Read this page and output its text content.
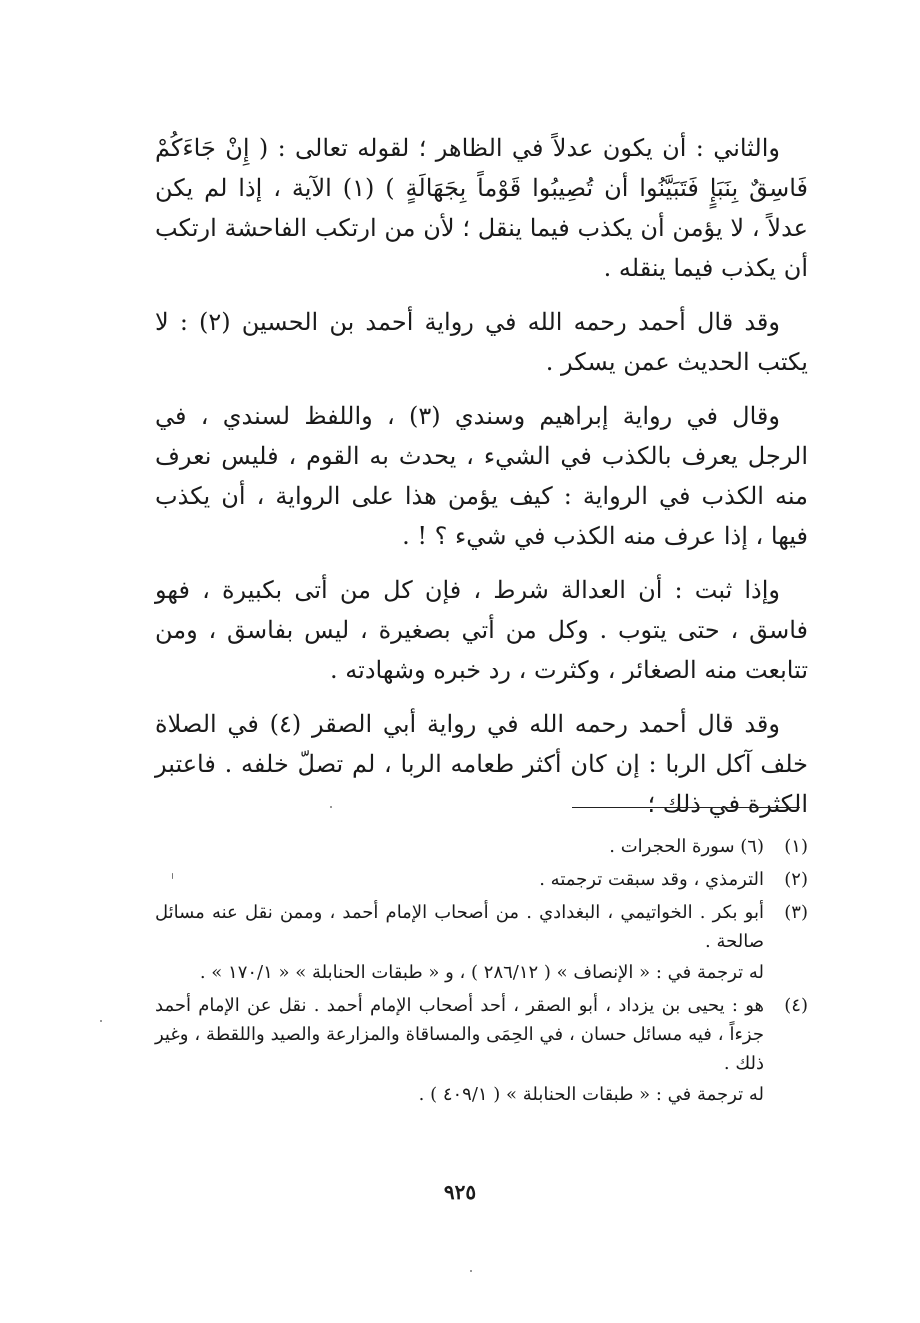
والثاني : أن يكون عدلاً في الظاهر ؛ لقوله تعالى : ( إِنْ جَاءَكُمْ فَاسِقٌ بِنَبَإٍ فَتَبَيَّنُوا أن تُصِيبُوا قَوْماً بِجَهَالَةٍ ) (١) الآية ، إذا لم يكن عدلاً ، لا يؤمن أن يكذب فيما ينقل ؛ لأن من ارتكب الفاحشة ارتكب أن يكذب فيما ينقله .

وقد قال أحمد رحمه الله في رواية أحمد بن الحسين (٢) : لا يكتب الحديث عمن يسكر .

وقال في رواية إبراهيم وسندي (٣) ، واللفظ لسندي ، في الرجل يعرف بالكذب في الشيء ، يحدث به القوم ، فليس نعرف منه الكذب في الرواية : كيف يؤمن هذا على الرواية ، أن يكذب فيها ، إذا عرف منه الكذب في شيء ؟ ! .

وإذا ثبت : أن العدالة شرط ، فإن كل من أتى بكبيرة ، فهو فاسق ، حتى يتوب . وكل من أتي بصغيرة ، ليس بفاسق ، ومن تتابعت منه الصغائر ، وكثرت ، رد خبره وشهادته .

وقد قال أحمد رحمه الله في رواية أبي الصقر (٤) في الصلاة خلف آكل الربا : إن كان أكثر طعامه الربا ، لم تصلّ خلفه . فاعتبر الكثرة في ذلك ؛

(١)
(٦) سورة الحجرات .
(٢)
الترمذي ، وقد سبقت ترجمته .
(٣)
أبو بكر . الخواتيمي ، البغدادي . من أصحاب الإمام أحمد ، وممن نقل عنه مسائل صالحة .
له ترجمة في : « الإنصاف » ( ٢٨٦/١٢ ) ، و « طبقات الحنابلة » « ١٧٠/١ » .
(٤)
هو : يحيى بن يزداد ، أبو الصقر ، أحد أصحاب الإمام أحمد . نقل عن الإمام أحمد جزءاً ، فيه مسائل حسان ، في الحِمَى والمساقاة والمزارعة والصيد واللقطة ، وغير ذلك .
له ترجمة في : « طبقات الحنابلة » ( ٤٠٩/١ ) .
٩٢٥
